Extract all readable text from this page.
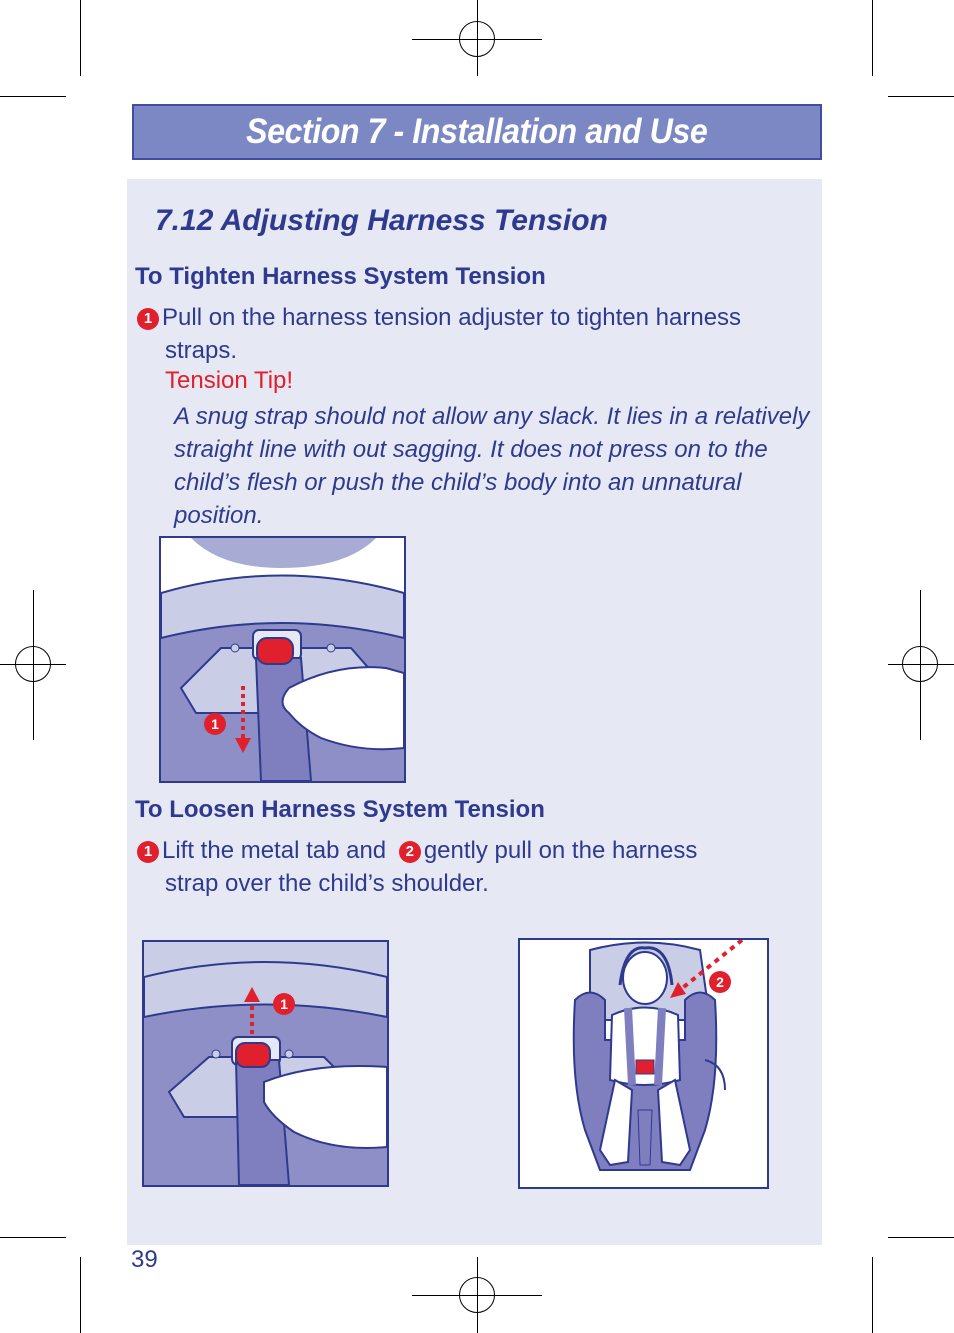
Section 7 - Installation and Use
7.12 Adjusting Harness Tension
To Tighten Harness System Tension
1 Pull on the harness tension adjuster to tighten harness
straps.
Tension Tip!
A snug strap should not allow any slack. It lies in a relatively straight line with out sagging. It does not press on to the child’s flesh or push the child’s body into an unnatural position.
1
To Loosen Harness System Tension
1 Lift the metal tab and 2 gently pull on the harness
strap over the child’s shoulder.
1
2
39
